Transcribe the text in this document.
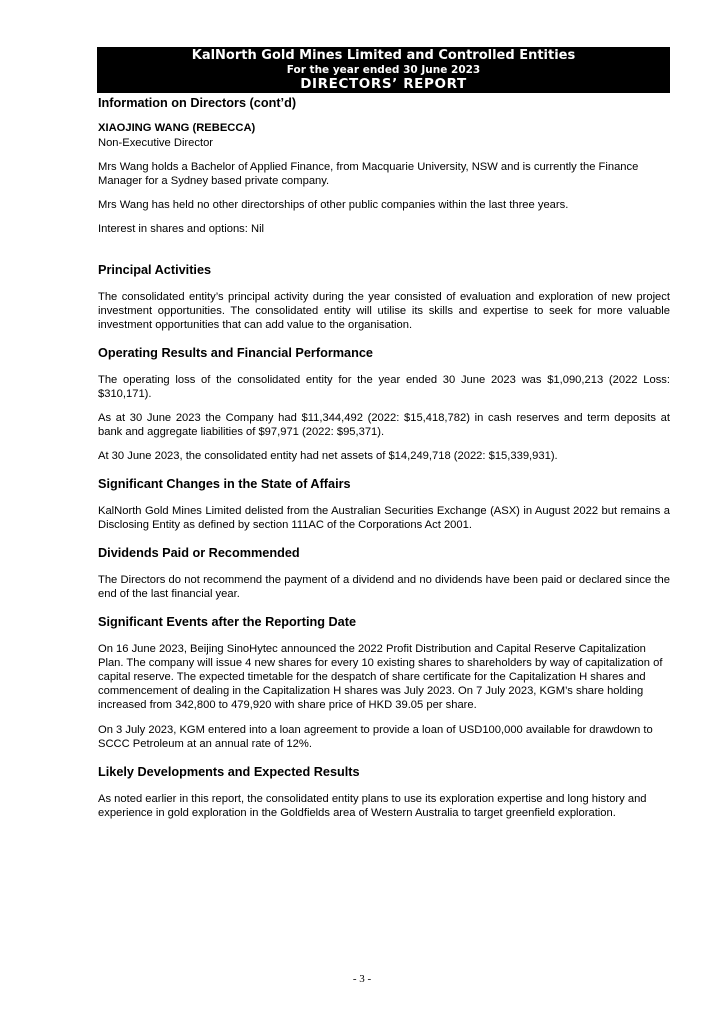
KalNorth Gold Mines Limited and Controlled Entities
For the year ended 30 June 2023
DIRECTORS’ REPORT
Information on Directors (cont’d)
XIAOJING WANG (REBECCA)

Non-Executive Director

Mrs Wang holds a Bachelor of Applied Finance, from Macquarie University, NSW and is currently the Finance Manager for a Sydney based private company.

Mrs Wang has held no other directorships of other public companies within the last three years.

Interest in shares and options: Nil

Principal Activities

The consolidated entity’s principal activity during the year consisted of evaluation and exploration of new project investment opportunities. The consolidated entity will utilise its skills and expertise to seek for more valuable investment opportunities that can add value to the organisation.

Operating Results and Financial Performance

The operating loss of the consolidated entity for the year ended 30 June 2023 was $1,090,213 (2022 Loss: $310,171).

As at 30 June 2023 the Company had $11,344,492 (2022: $15,418,782) in cash reserves and term deposits at bank and aggregate liabilities of $97,971 (2022: $95,371).

At 30 June 2023, the consolidated entity had net assets of $14,249,718 (2022: $15,339,931).

Significant Changes in the State of Affairs

KalNorth Gold Mines Limited delisted from the Australian Securities Exchange (ASX) in August 2022 but remains a Disclosing Entity as defined by section 111AC of the Corporations Act 2001.

Dividends Paid or Recommended

The Directors do not recommend the payment of a dividend and no dividends have been paid or declared since the end of the last financial year.

Significant Events after the Reporting Date

On 16 June 2023, Beijing SinoHytec announced the 2022 Profit Distribution and Capital Reserve Capitalization Plan. The company will issue 4 new shares for every 10 existing shares to shareholders by way of capitalization of capital reserve. The expected timetable for the despatch of share certificate for the Capitalization H shares and commencement of dealing in the Capitalization H shares was July 2023. On 7 July 2023, KGM’s share holding increased from 342,800 to 479,920 with share price of HKD 39.05 per share.

On 3 July 2023, KGM entered into a loan agreement to provide a loan of USD100,000 available for drawdown to SCCC Petroleum at an annual rate of 12%.

Likely Developments and Expected Results

As noted earlier in this report, the consolidated entity plans to use its exploration expertise and long history and experience in gold exploration in the Goldfields area of Western Australia to target greenfield exploration.

- 3 -
